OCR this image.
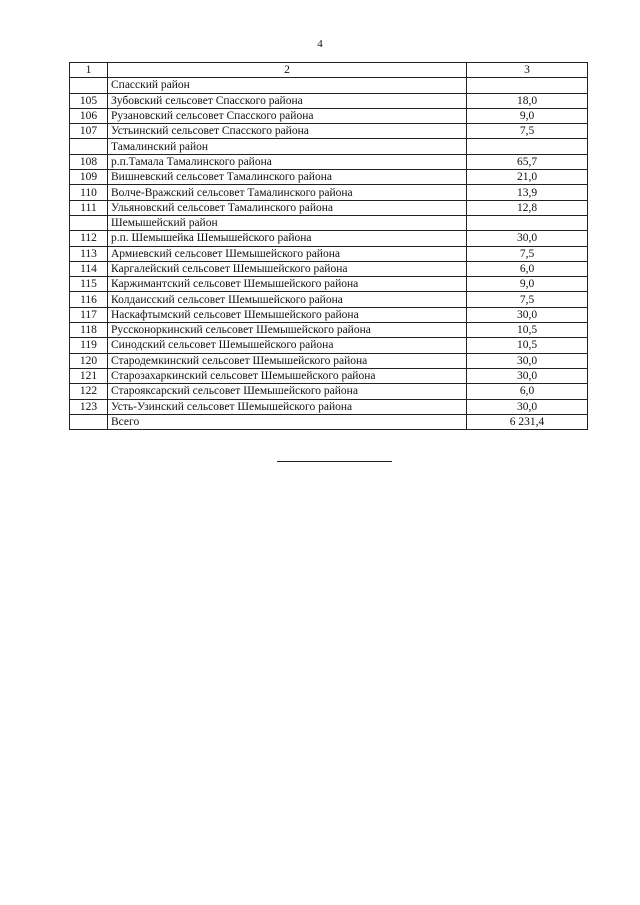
4
1	2	3
	Спасский район	
105	Зубовский сельсовет Спасского района	18,0
106	Рузановский сельсовет Спасского района	9,0
107	Устьинский сельсовет Спасского района	7,5
	Тамалинский район	
108	р.п.Тамала Тамалинского района	65,7
109	Вишневский сельсовет Тамалинского района	21,0
110	Волче-Вражский сельсовет Тамалинского района	13,9
111	Ульяновский сельсовет Тамалинского района	12,8
	Шемышейский район	
112	р.п. Шемышейка Шемышейского района	30,0
113	Армиевский сельсовет Шемышейского района	7,5
114	Каргалейский сельсовет Шемышейского района	6,0
115	Каржимантский сельсовет Шемышейского района	9,0
116	Колдаисский сельсовет Шемышейского района	7,5
117	Наскафтымский сельсовет Шемышейского района	30,0
118	Руссконоркинский сельсовет Шемышейского района	10,5
119	Синодский сельсовет Шемышейского района	10,5
120	Стародемкинский сельсовет Шемышейского района	30,0
121	Старозахаркинский сельсовет Шемышейского района	30,0
122	Старояксарский сельсовет Шемышейского района	6,0
123	Усть-Узинский сельсовет Шемышейского района	30,0
	Всего	6 231,4
